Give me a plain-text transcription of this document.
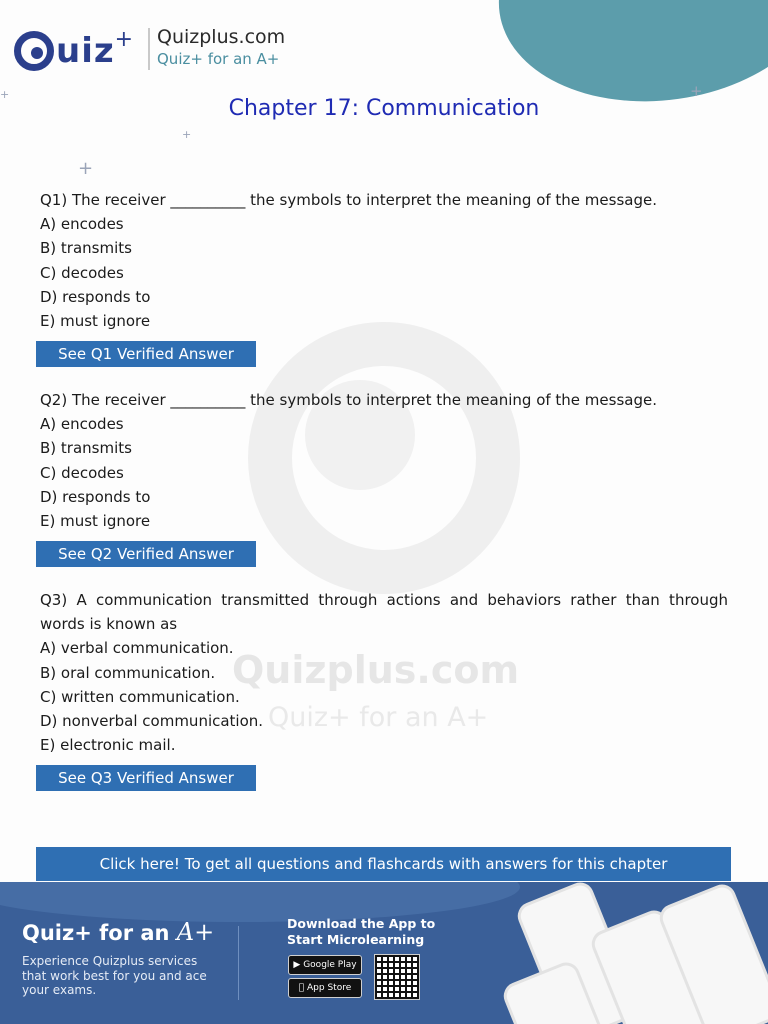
uiz + Quizplus.com
Quiz+ for an A+
Chapter 17: Communication
+
+
+
+
Quizplus.com
Quiz+ for an A+
Q1) The receiver __________ the symbols to interpret the meaning of the message.
A) encodes
B) transmits
C) decodes
D) responds to
E) must ignore
See Q1 Verified Answer
Q2) The receiver __________ the symbols to interpret the meaning of the message.
A) encodes
B) transmits
C) decodes
D) responds to
E) must ignore
See Q2 Verified Answer
Q3) A communication transmitted through actions and behaviors rather than through words is known as
A) verbal communication.
B) oral communication.
C) written communication.
D) nonverbal communication.
E) electronic mail.
See Q3 Verified Answer
Click here! To get all questions and flashcards with answers for this chapter
Quiz+ for an A+
Experience Quizplus services that work best for you and ace your exams.
Download the App to Start Microlearning
▶ Google Play
App Store
